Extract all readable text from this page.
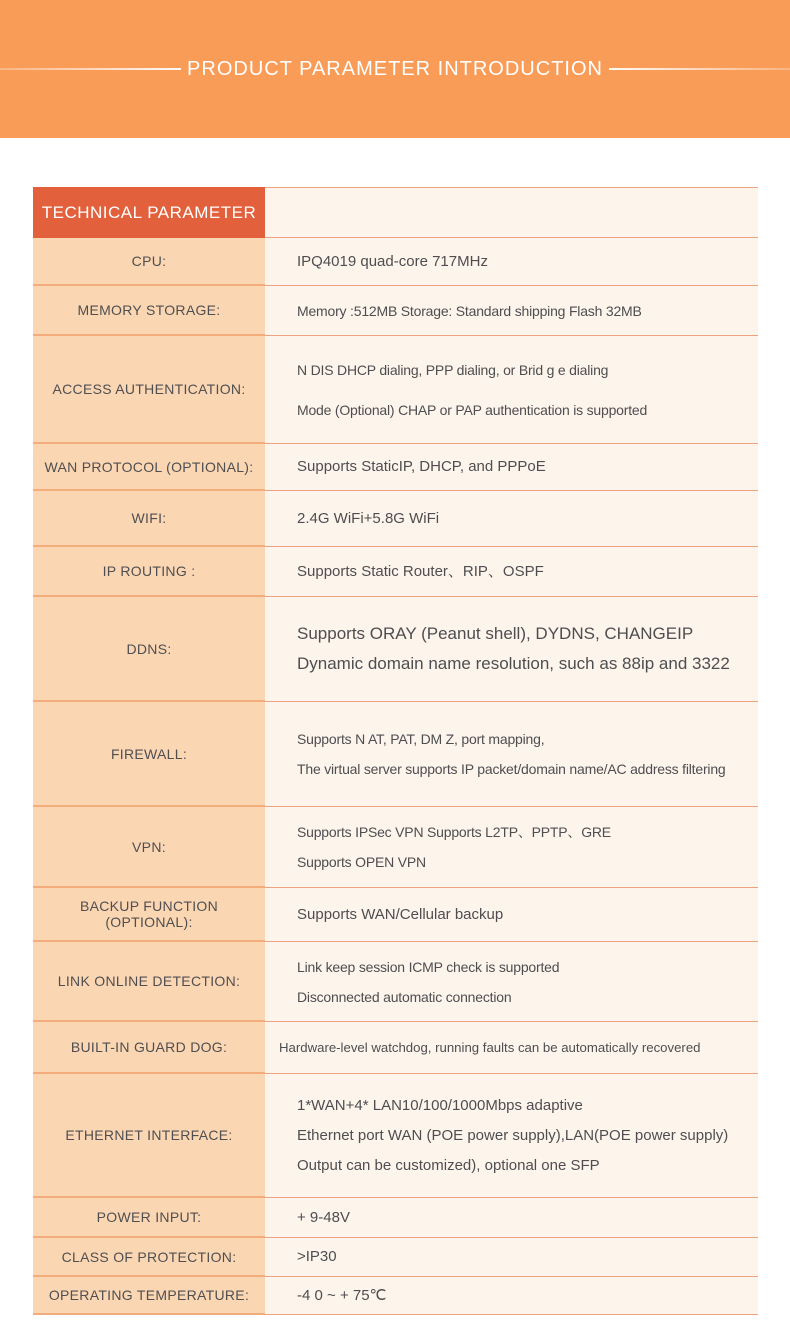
PRODUCT PARAMETER INTRODUCTION
TECHNICAL PARAMETER
CPU:	IPQ4019 quad-core 717MHz
MEMORY STORAGE:	Memory :512MB Storage: Standard shipping Flash 32MB
ACCESS AUTHENTICATION:
N DIS DHCP dialing, PPP dialing, or Brid g e dialing
Mode (Optional) CHAP or PAP authentication is supported
WAN PROTOCOL (OPTIONAL):	Supports StaticIP, DHCP, and PPPoE
WIFI:	2.4G WiFi+5.8G WiFi
IP ROUTING :	Supports Static Router、RIP、OSPF
DDNS:
Supports ORAY (Peanut shell), DYDNS, CHANGEIP
Dynamic domain name resolution, such as 88ip and 3322
FIREWALL:
Supports N AT, PAT, DM Z, port mapping,
The virtual server supports IP packet/domain name/AC address filtering
VPN:
Supports IPSec VPN Supports L2TP、PPTP、GRE
Supports OPEN VPN
BACKUP FUNCTION (OPTIONAL):	Supports WAN/Cellular backup
LINK ONLINE DETECTION:
Link keep session ICMP check is supported
Disconnected automatic connection
BUILT-IN GUARD DOG:	Hardware-level watchdog, running faults can be automatically recovered
ETHERNET INTERFACE:
1*WAN+4* LAN10/100/1000Mbps adaptive
Ethernet port WAN (POE power supply),LAN(POE power supply)
Output can be customized), optional one SFP
POWER INPUT:	+ 9-48V
CLASS OF PROTECTION:	>IP30
OPERATING TEMPERATURE:	-4 0 ~ + 75℃
